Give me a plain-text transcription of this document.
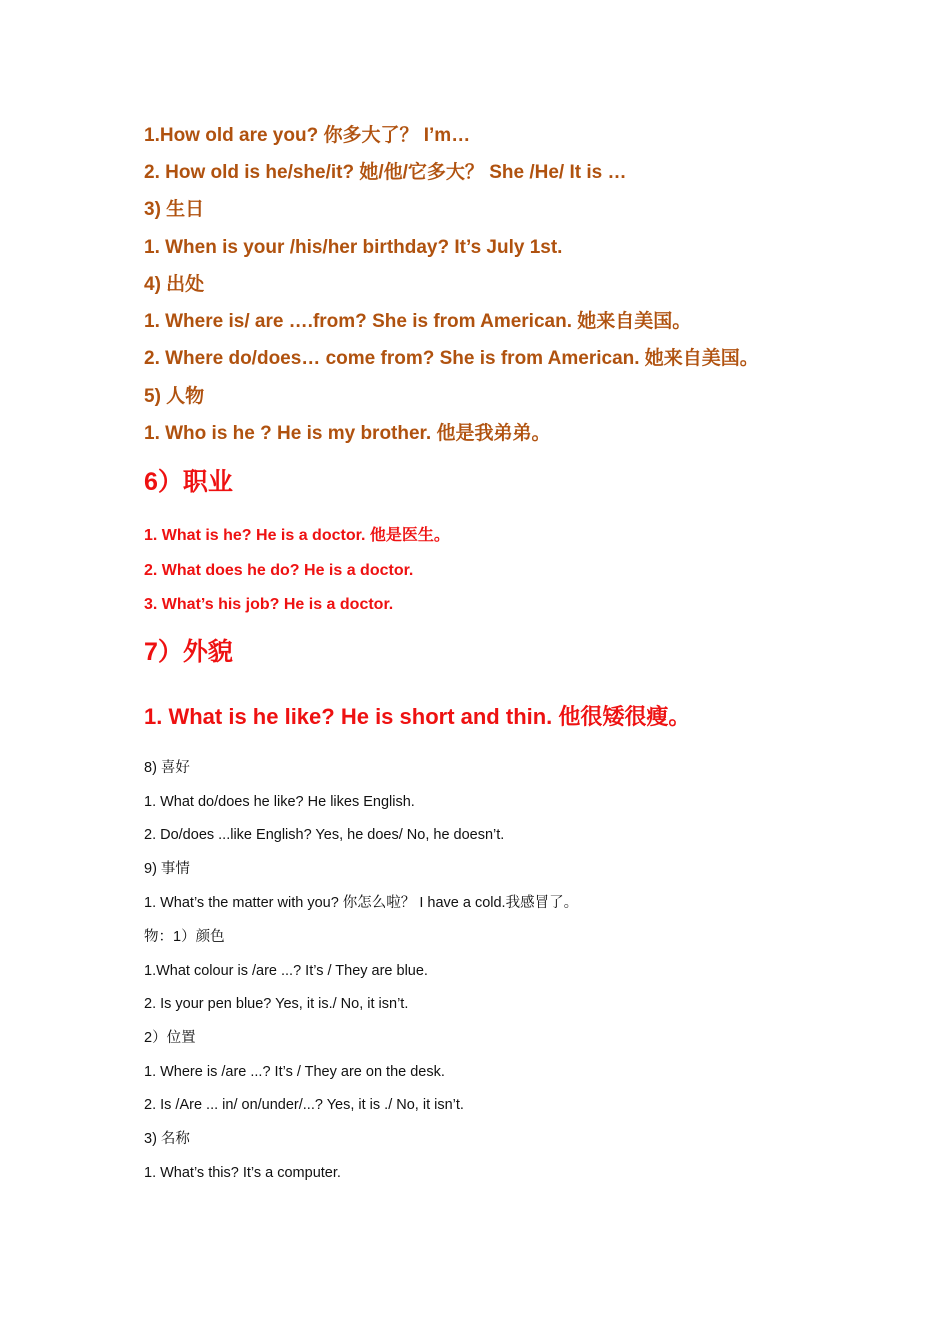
1.How old are you? 你多大了？ I’m…
2. How old is he/she/it? 她/他/它多大？ She /He/ It is …
3) 生日
1. When is your /his/her birthday? It’s July 1st.
4) 出处
1. Where is/ are ….from? She is from American. 她来自美国。
2. Where do/does… come from? She is from American. 她来自美国。
5) 人物
1. Who is he ? He is my brother. 他是我弟弟。
6）职业
1. What is he? He is a doctor. 他是医生。
2. What does he do? He is a doctor.
3. What’s his job? He is a doctor.
7）外貌
1. What is he like? He is short and thin. 他很矮很瘦。
8) 喜好
1. What do/does he like? He likes English.
2. Do/does ...like English? Yes, he does/ No, he doesn’t.
9) 事情
1. What’s the matter with you? 你怎么啦？ I have a cold.我感冒了。
物：1）颜色
1.What colour is /are ...? It’s / They are blue.
2. Is your pen blue? Yes, it is./ No, it isn’t.
2）位置
1. Where is /are ...? It’s / They are on the desk.
2. Is /Are ... in/ on/under/...? Yes, it is ./ No, it isn’t.
3) 名称
1. What’s this? It’s a computer.
